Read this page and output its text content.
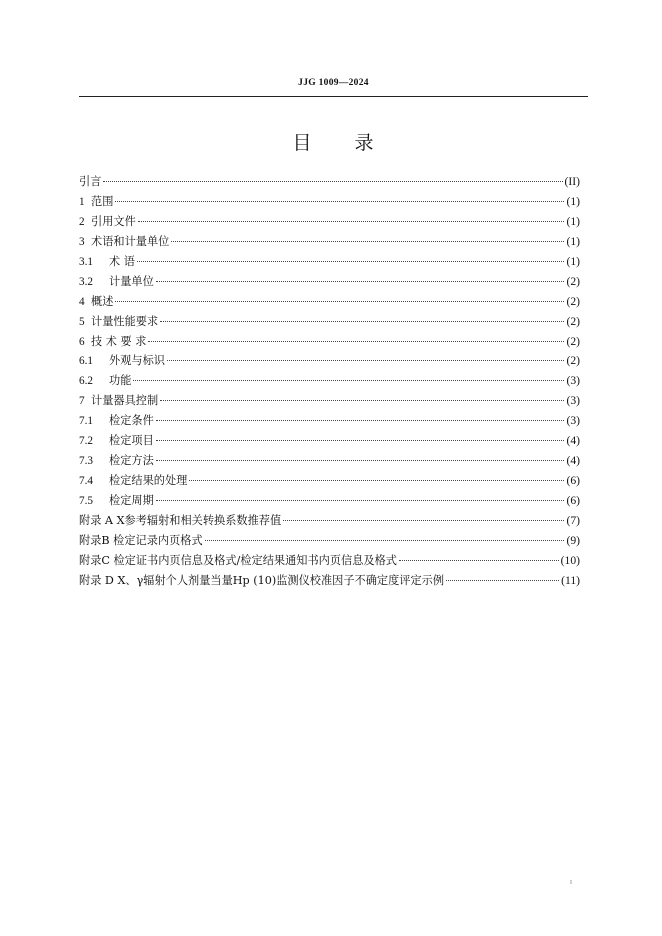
JJG 1009—2024
目 录
引言	(II)
1 范围	(1)
2 引用文件	(1)
3 术语和计量单位	(1)
3.1	术 语	(1)
3.2	计量单位	(2)
4 概述	(2)
5 计量性能要求	(2)
6 技 术 要 求	(2)
6.1	外观与标识	(2)
6.2	功能	(3)
7 计量器具控制	(3)
7.1	检定条件	(3)
7.2	检定项目	(4)
7.3	检定方法	(4)
7.4	检定结果的处理	(6)
7.5	检定周期	(6)
附录 A X参考辐射和相关转换系数推荐值	(7)
附录B 检定记录内页格式	(9)
附录C 检定证书内页信息及格式/检定结果通知书内页信息及格式	(10)
附录 D X、γ辐射个人剂量当量Hp (10)监测仪校准因子不确定度评定示例	(11)
I
